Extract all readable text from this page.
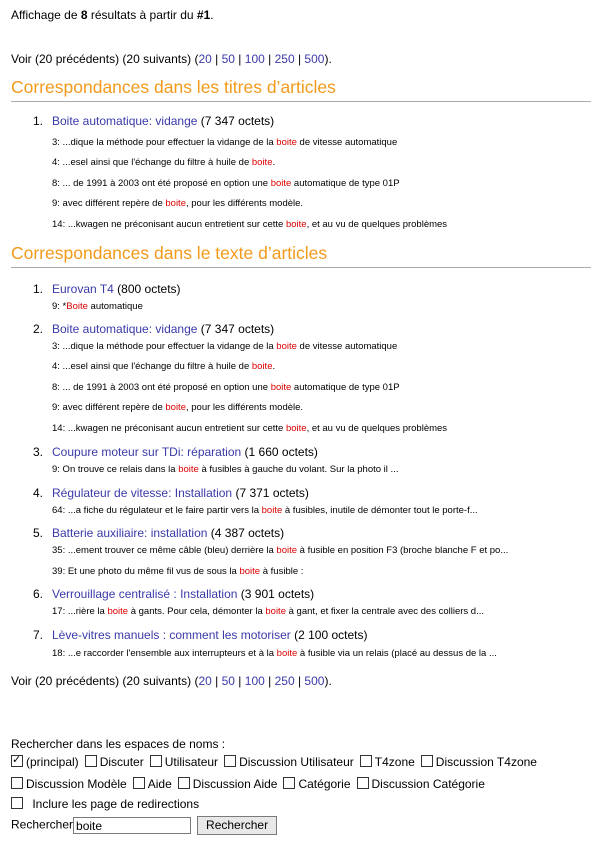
Affichage de 8 résultats à partir du #1.
Voir (20 précédents) (20 suivants) (20 | 50 | 100 | 250 | 500).
Correspondances dans les titres d’articles
1. Boite automatique: vidange (7 347 octets)
3: ...dique la méthode pour effectuer la vidange de la boite de vitesse automatique
4: ...esel ainsi que l'échange du filtre à huile de boite.
8: ... de 1991 à 2003 ont été proposé en option une boite automatique de type 01P
9: avec différent repère de boite, pour les différents modèle.
14: ...kwagen ne préconisant aucun entretient sur cette boite, et au vu de quelques problèmes
Correspondances dans le texte d’articles
1. Eurovan T4 (800 octets)
9: *Boite automatique
2. Boite automatique: vidange (7 347 octets)
3: ...dique la méthode pour effectuer la vidange de la boite de vitesse automatique
4: ...esel ainsi que l'échange du filtre à huile de boite.
8: ... de 1991 à 2003 ont été proposé en option une boite automatique de type 01P
9: avec différent repère de boite, pour les différents modèle.
14: ...kwagen ne préconisant aucun entretient sur cette boite, et au vu de quelques problèmes
3. Coupure moteur sur TDi: réparation (1 660 octets)
9: On trouve ce relais dans la boite à fusibles à gauche du volant. Sur la photo il ...
4. Régulateur de vitesse: Installation (7 371 octets)
64: ...a fiche du régulateur et le faire partir vers la boite à fusibles, inutile de démonter tout le porte-f...
5. Batterie auxiliaire: installation (4 387 octets)
35: ...ement trouver ce même câble (bleu) derrière la boite à fusible en position F3 (broche blanche F et po...
39: Et une photo du même fil vus de sous la boite à fusible :
6. Verrouillage centralisé : Installation (3 901 octets)
17: ...rière la boite à gants. Pour cela, démonter la boite à gant, et fixer la centrale avec des colliers d...
7. Lève-vitres manuels : comment les motoriser (2 100 octets)
18: ...e raccorder l'ensemble aux interrupteurs et à la boite à fusible via un relais (placé au dessus de la ...
Voir (20 précédents) (20 suivants) (20 | 50 | 100 | 250 | 500).
Rechercher dans les espaces de noms :
✓(principal) Discuter Utilisateur Discussion Utilisateur T4zone Discussion T4zone
Discussion Modèle Aide Discussion Aide Catégorie Discussion Catégorie
Inclure les page de redirections
Rechercher boite	Rechercher
